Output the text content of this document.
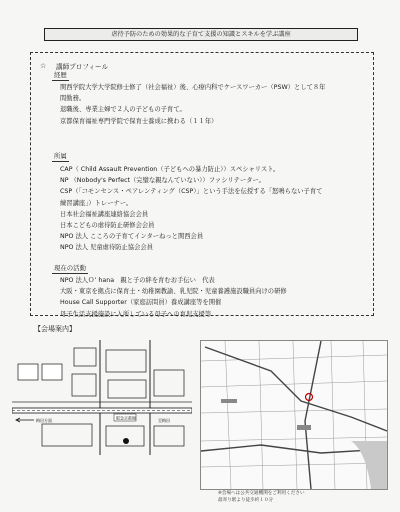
虐待予防のための効果的な子育て支援の知識とスキルを学ぶ講座
☆ 講師プロフィール
経歴
関西学院大学大学院修士修了（社会福祉）後、心療内科でケースワーカー（PSW）として８年
間勤務。
退職後、専業主婦で２人の子どもの子育て。
京都保育福祉専門学院で保育士養成に携わる（１１年）
所属
CAP（ Child Assault Prevention（子どもへの暴力防止））スペシャリスト。
NP （Nobody's Perfect（完璧な親なんていない））ファシリテーター。
CSP（「コモンセンス・ペアレンティング（CSP）」という手法を伝授する「怒鳴らない子育て
練習講座」）トレーナー。
日本社会福祉講座連絡協会会員
日本こどもの虐待防止研修会会員
NPO 法人 こころの子育てインターねっと関西会員
NPO 法人 児童虐待防止協会会員
現在の活動
NPO 法人Ｏ’ hana　親と子の絆を育むお手伝い　代表
大阪・東京を拠点に保育士・幼稚園教諭、乳児院・児童養護施設職員向けの研修
House Call Supporter（家庭訪問員）養成講座等を開催
母子生活支援施設に入所している母子への育児支援等
【会場案内】
阪急京都線
梅田方面	至梅田
※会場へは公共交通機関をご利用ください
最寄り駅より徒歩約１０分
